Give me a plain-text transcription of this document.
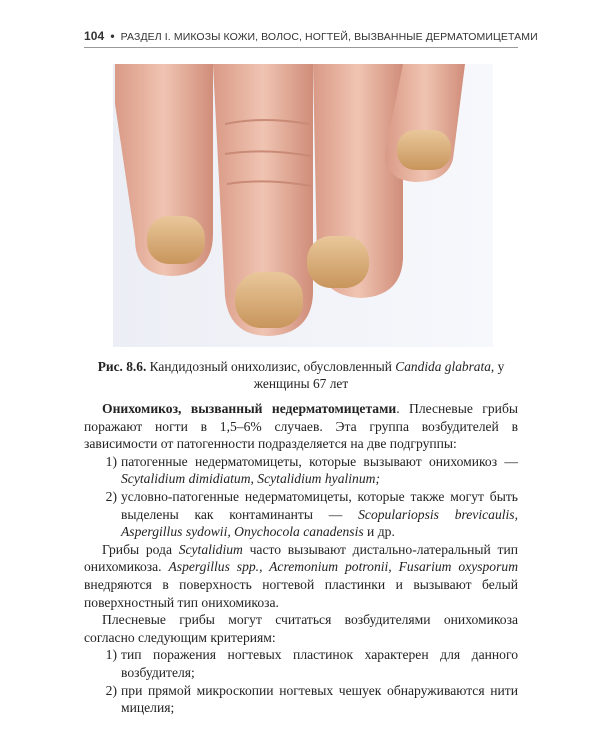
104 • РАЗДЕЛ I. МИКОЗЫ КОЖИ, ВОЛОС, НОГТЕЙ, ВЫЗВАННЫЕ ДЕРМАТОМИЦЕТАМИ
Рис. 8.6. Кандидозный онихолизис, обусловленный Candida glabrata, у женщины 67 лет

Онихомикоз, вызванный недерматомицетами. Плесневые грибы поражают ногти в 1,5–6% случаев. Эта группа возбудителей в зависимости от патогенности подразделяется на две подгруппы:

1) патогенные недерматомицеты, которые вызывают онихомикоз — Scytalidium dimidiatum, Scytalidium hyalinum;
2) условно-патогенные недерматомицеты, которые также могут быть выделены как контаминанты — Scopulariopsis brevicaulis, Aspergillus sydowii, Onychocola canadensis и др.

Грибы рода Scytalidium часто вызывают дистально-латеральный тип онихомикоза. Aspergillus spp., Acremonium potronii, Fusarium oxysporum внедряются в поверхность ногтевой пластинки и вызывают белый поверхностный тип онихомикоза.

Плесневые грибы могут считаться возбудителями онихомикоза согласно следующим критериям:

1) тип поражения ногтевых пластинок характерен для данного возбудителя;
2) при прямой микроскопии ногтевых чешуек обнаруживаются нити мицелия;
